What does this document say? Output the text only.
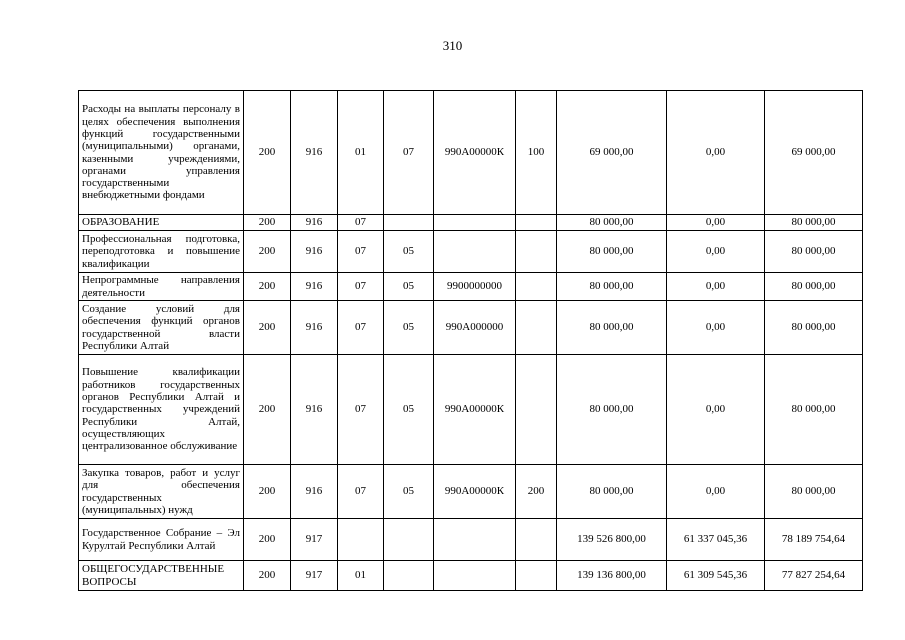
310
Расходы на выплаты персоналу в целях обеспечения выполнения функций государственными (муниципальными) органами, казенными учреждениями, органами управления государственными внебюджетными фондами	200	916	01	07	990А00000К	100	69 000,00	0,00	69 000,00
ОБРАЗОВАНИЕ	200	916	07				80 000,00	0,00	80 000,00
Профессиональная подготовка, переподготовка и повышение квалификации	200	916	07	05			80 000,00	0,00	80 000,00
Непрограммные направления деятельности	200	916	07	05	9900000000		80 000,00	0,00	80 000,00
Создание условий для обеспечения функций органов государственной власти Республики Алтай	200	916	07	05	990А000000		80 000,00	0,00	80 000,00
Повышение квалификации работников государственных органов Республики Алтай и государственных учреждений Республики Алтай, осуществляющих централизованное обслуживание	200	916	07	05	990А00000К		80 000,00	0,00	80 000,00
Закупка товаров, работ и услуг для обеспечения государственных (муниципальных) нужд	200	916	07	05	990А00000К	200	80 000,00	0,00	80 000,00
Государственное Собрание – Эл Курултай Республики Алтай	200	917					139 526 800,00	61 337 045,36	78 189 754,64
ОБЩЕГОСУДАРСТВЕННЫЕ ВОПРОСЫ	200	917	01				139 136 800,00	61 309 545,36	77 827 254,64
